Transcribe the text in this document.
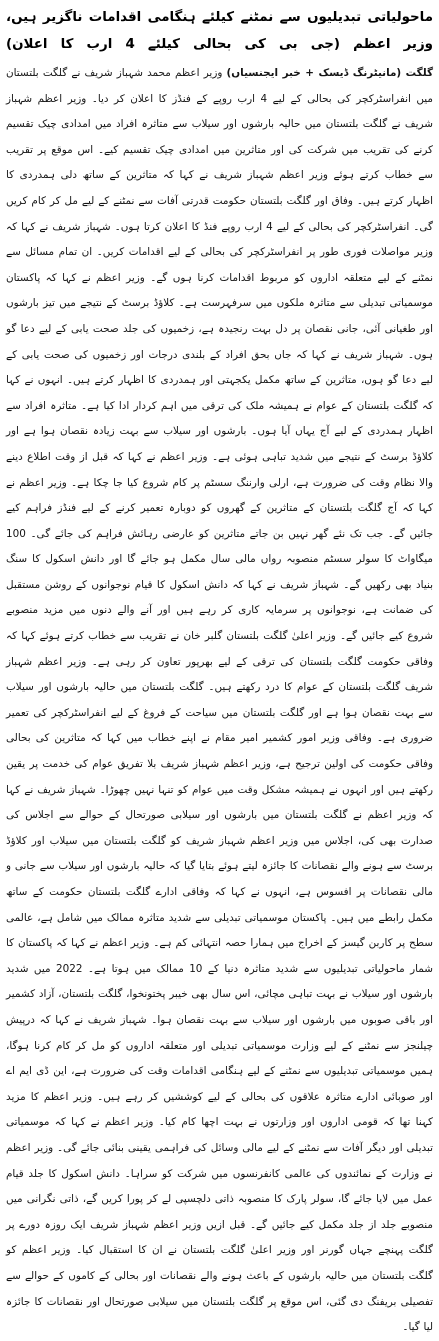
ماحولیاتی تبدیلیوں سے نمٹنے کیلئے ہنگامی اقدامات ناگزیر ہیں، وزیر اعظم (جی بی کی بحالی کیلئے 4 ارب کا اعلان)

گلگت (مانیٹرنگ ڈیسک + خبر ایجنسیاں) وزیر اعظم محمد شہباز شریف نے گلگت بلتستان میں انفراسٹرکچر کی بحالی کے لیے 4 ارب روپے کے فنڈز کا اعلان کر دیا۔ وزیر اعظم شہباز شریف نے گلگت بلتستان میں حالیہ بارشوں اور سیلاب سے متاثرہ افراد میں امدادی چیک تقسیم کرنے کی تقریب میں شرکت کی اور متاثرین میں امدادی چیک تقسیم کیے۔ اس موقع پر تقریب سے خطاب کرتے ہوئے وزیر اعظم شہباز شریف نے کہا کہ متاثرین کے ساتھ دلی ہمدردی کا اظہار کرتے ہیں۔ وفاق اور گلگت بلتستان حکومت قدرتی آفات سے نمٹنے کے لیے مل کر کام کریں گی۔ انفراسٹرکچر کی بحالی کے لیے 4 ارب روپے فنڈ کا اعلان کرتا ہوں۔ شہباز شریف نے کہا کہ وزیر مواصلات فوری طور پر انفراسٹرکچر کی بحالی کے لیے اقدامات کریں۔ ان تمام مسائل سے نمٹنے کے لیے متعلقہ اداروں کو مربوط اقدامات کرنا ہوں گے۔ وزیر اعظم نے کہا کہ پاکستان موسمیاتی تبدیلی سے متاثرہ ملکوں میں سرفہرست ہے۔ کلاؤڈ برسٹ کے نتیجے میں تیز بارشوں اور طغیانی آئی، جانی نقصان پر دل بہت رنجیدہ ہے، زخمیوں کی جلد صحت یابی کے لیے دعا گو ہوں۔ شہباز شریف نے کہا کہ جاں بحق افراد کے بلندی درجات اور زخمیوں کی صحت یابی کے لیے دعا گو ہوں، متاثرین کے ساتھ مکمل یکجہتی اور ہمدردی کا اظہار کرتے ہیں۔ انہوں نے کہا کہ گلگت بلتستان کے عوام نے ہمیشہ ملک کی ترقی میں اہم کردار ادا کیا ہے۔ متاثرہ افراد سے اظہار ہمدردی کے لیے آج یہاں آیا ہوں۔ بارشوں اور سیلاب سے بہت زیادہ نقصان ہوا ہے اور کلاؤڈ برسٹ کے نتیجے میں شدید تباہی ہوئی ہے۔ وزیر اعظم نے کہا کہ قبل از وقت اطلاع دینے والا نظام وقت کی ضرورت ہے، ارلی وارننگ سسٹم پر کام شروع کیا جا چکا ہے۔ وزیر اعظم نے کہا کہ آج گلگت بلتستان کے متاثرین کے گھروں کو دوبارہ تعمیر کرنے کے لیے فنڈز فراہم کیے جائیں گے۔ جب تک نئے گھر نہیں بن جاتے متاثرین کو عارضی رہائش فراہم کی جائے گی۔ 100 میگاواٹ کا سولر سسٹم منصوبہ رواں مالی سال مکمل ہو جائے گا اور دانش اسکول کا سنگ بنیاد بھی رکھیں گے۔ شہباز شریف نے کہا کہ دانش اسکول کا قیام نوجوانوں کے روشن مستقبل کی ضمانت ہے، نوجوانوں پر سرمایہ کاری کر رہے ہیں اور آنے والے دنوں میں مزید منصوبے شروع کیے جائیں گے۔ وزیر اعلیٰ گلگت بلتستان گلبر خان نے تقریب سے خطاب کرتے ہوئے کہا کہ وفاقی حکومت گلگت بلتستان کی ترقی کے لیے بھرپور تعاون کر رہی ہے۔ وزیر اعظم شہباز شریف گلگت بلتستان کے عوام کا درد رکھتے ہیں۔ گلگت بلتستان میں حالیہ بارشوں اور سیلاب سے بہت نقصان ہوا ہے اور گلگت بلتستان میں سیاحت کے فروغ کے لیے انفراسٹرکچر کی تعمیر ضروری ہے۔ وفاقی وزیر امور کشمیر امیر مقام نے اپنے خطاب میں کہا کہ متاثرین کی بحالی وفاقی حکومت کی اولین ترجیح ہے، وزیر اعظم شہباز شریف بلا تفریق عوام کی خدمت پر یقین رکھتے ہیں اور انہوں نے ہمیشہ مشکل وقت میں عوام کو تنہا نہیں چھوڑا۔ شہباز شریف نے کہا کہ وزیر اعظم نے گلگت بلتستان میں بارشوں اور سیلابی صورتحال کے حوالے سے اجلاس کی صدارت بھی کی، اجلاس میں وزیر اعظم شہباز شریف کو گلگت بلتستان میں سیلاب اور کلاؤڈ برسٹ سے ہونے والے نقصانات کا جائزہ لیتے ہوئے بتایا گیا کہ حالیہ بارشوں اور سیلاب سے جانی و مالی نقصانات پر افسوس ہے، انہوں نے کہا کہ وفاقی ادارے گلگت بلتستان حکومت کے ساتھ مکمل رابطے میں ہیں۔ پاکستان موسمیاتی تبدیلی سے شدید متاثرہ ممالک میں شامل ہے، عالمی سطح پر کاربن گیسز کے اخراج میں ہمارا حصہ انتہائی کم ہے۔ وزیر اعظم نے کہا کہ پاکستان کا شمار ماحولیاتی تبدیلیوں سے شدید متاثرہ دنیا کے 10 ممالک میں ہوتا ہے۔ 2022 میں شدید بارشوں اور سیلاب نے بہت تباہی مچائی، اس سال بھی خیبر پختونخوا، گلگت بلتستان، آزاد کشمیر اور باقی صوبوں میں بارشوں اور سیلاب سے بہت نقصان ہوا۔ شہباز شریف نے کہا کہ درپیش چیلنجز سے نمٹنے کے لیے وزارت موسمیاتی تبدیلی اور متعلقہ اداروں کو مل کر کام کرنا ہوگا، ہمیں موسمیاتی تبدیلیوں سے نمٹنے کے لیے ہنگامی اقدامات وقت کی ضرورت ہے، این ڈی ایم اے اور صوبائی ادارے متاثرہ علاقوں کی بحالی کے لیے کوششیں کر رہے ہیں۔ وزیر اعظم کا مزید کہنا تھا کہ قومی اداروں اور وزارتوں نے بہت اچھا کام کیا۔ وزیر اعظم نے کہا کہ موسمیاتی تبدیلی اور دیگر آفات سے نمٹنے کے لیے مالی وسائل کی فراہمی یقینی بنائی جائے گی۔ وزیر اعظم نے وزارت کے نمائندوں کی عالمی کانفرنسوں میں شرکت کو سراہا۔ دانش اسکول کا جلد قیام عمل میں لایا جائے گا، سولر پارک کا منصوبہ ذاتی دلچسپی لے کر پورا کریں گے، ذاتی نگرانی میں منصوبے جلد از جلد مکمل کیے جائیں گے۔ قبل ازیں وزیر اعظم شہباز شریف ایک روزہ دورے پر گلگت پہنچے جہاں گورنر اور وزیر اعلیٰ گلگت بلتستان نے ان کا استقبال کیا۔ وزیر اعظم کو گلگت بلتستان میں حالیہ بارشوں کے باعث ہونے والے نقصانات اور بحالی کے کاموں کے حوالے سے تفصیلی بریفنگ دی گئی، اس موقع پر گلگت بلتستان میں سیلابی صورتحال اور نقصانات کا جائزہ لیا گیا۔
